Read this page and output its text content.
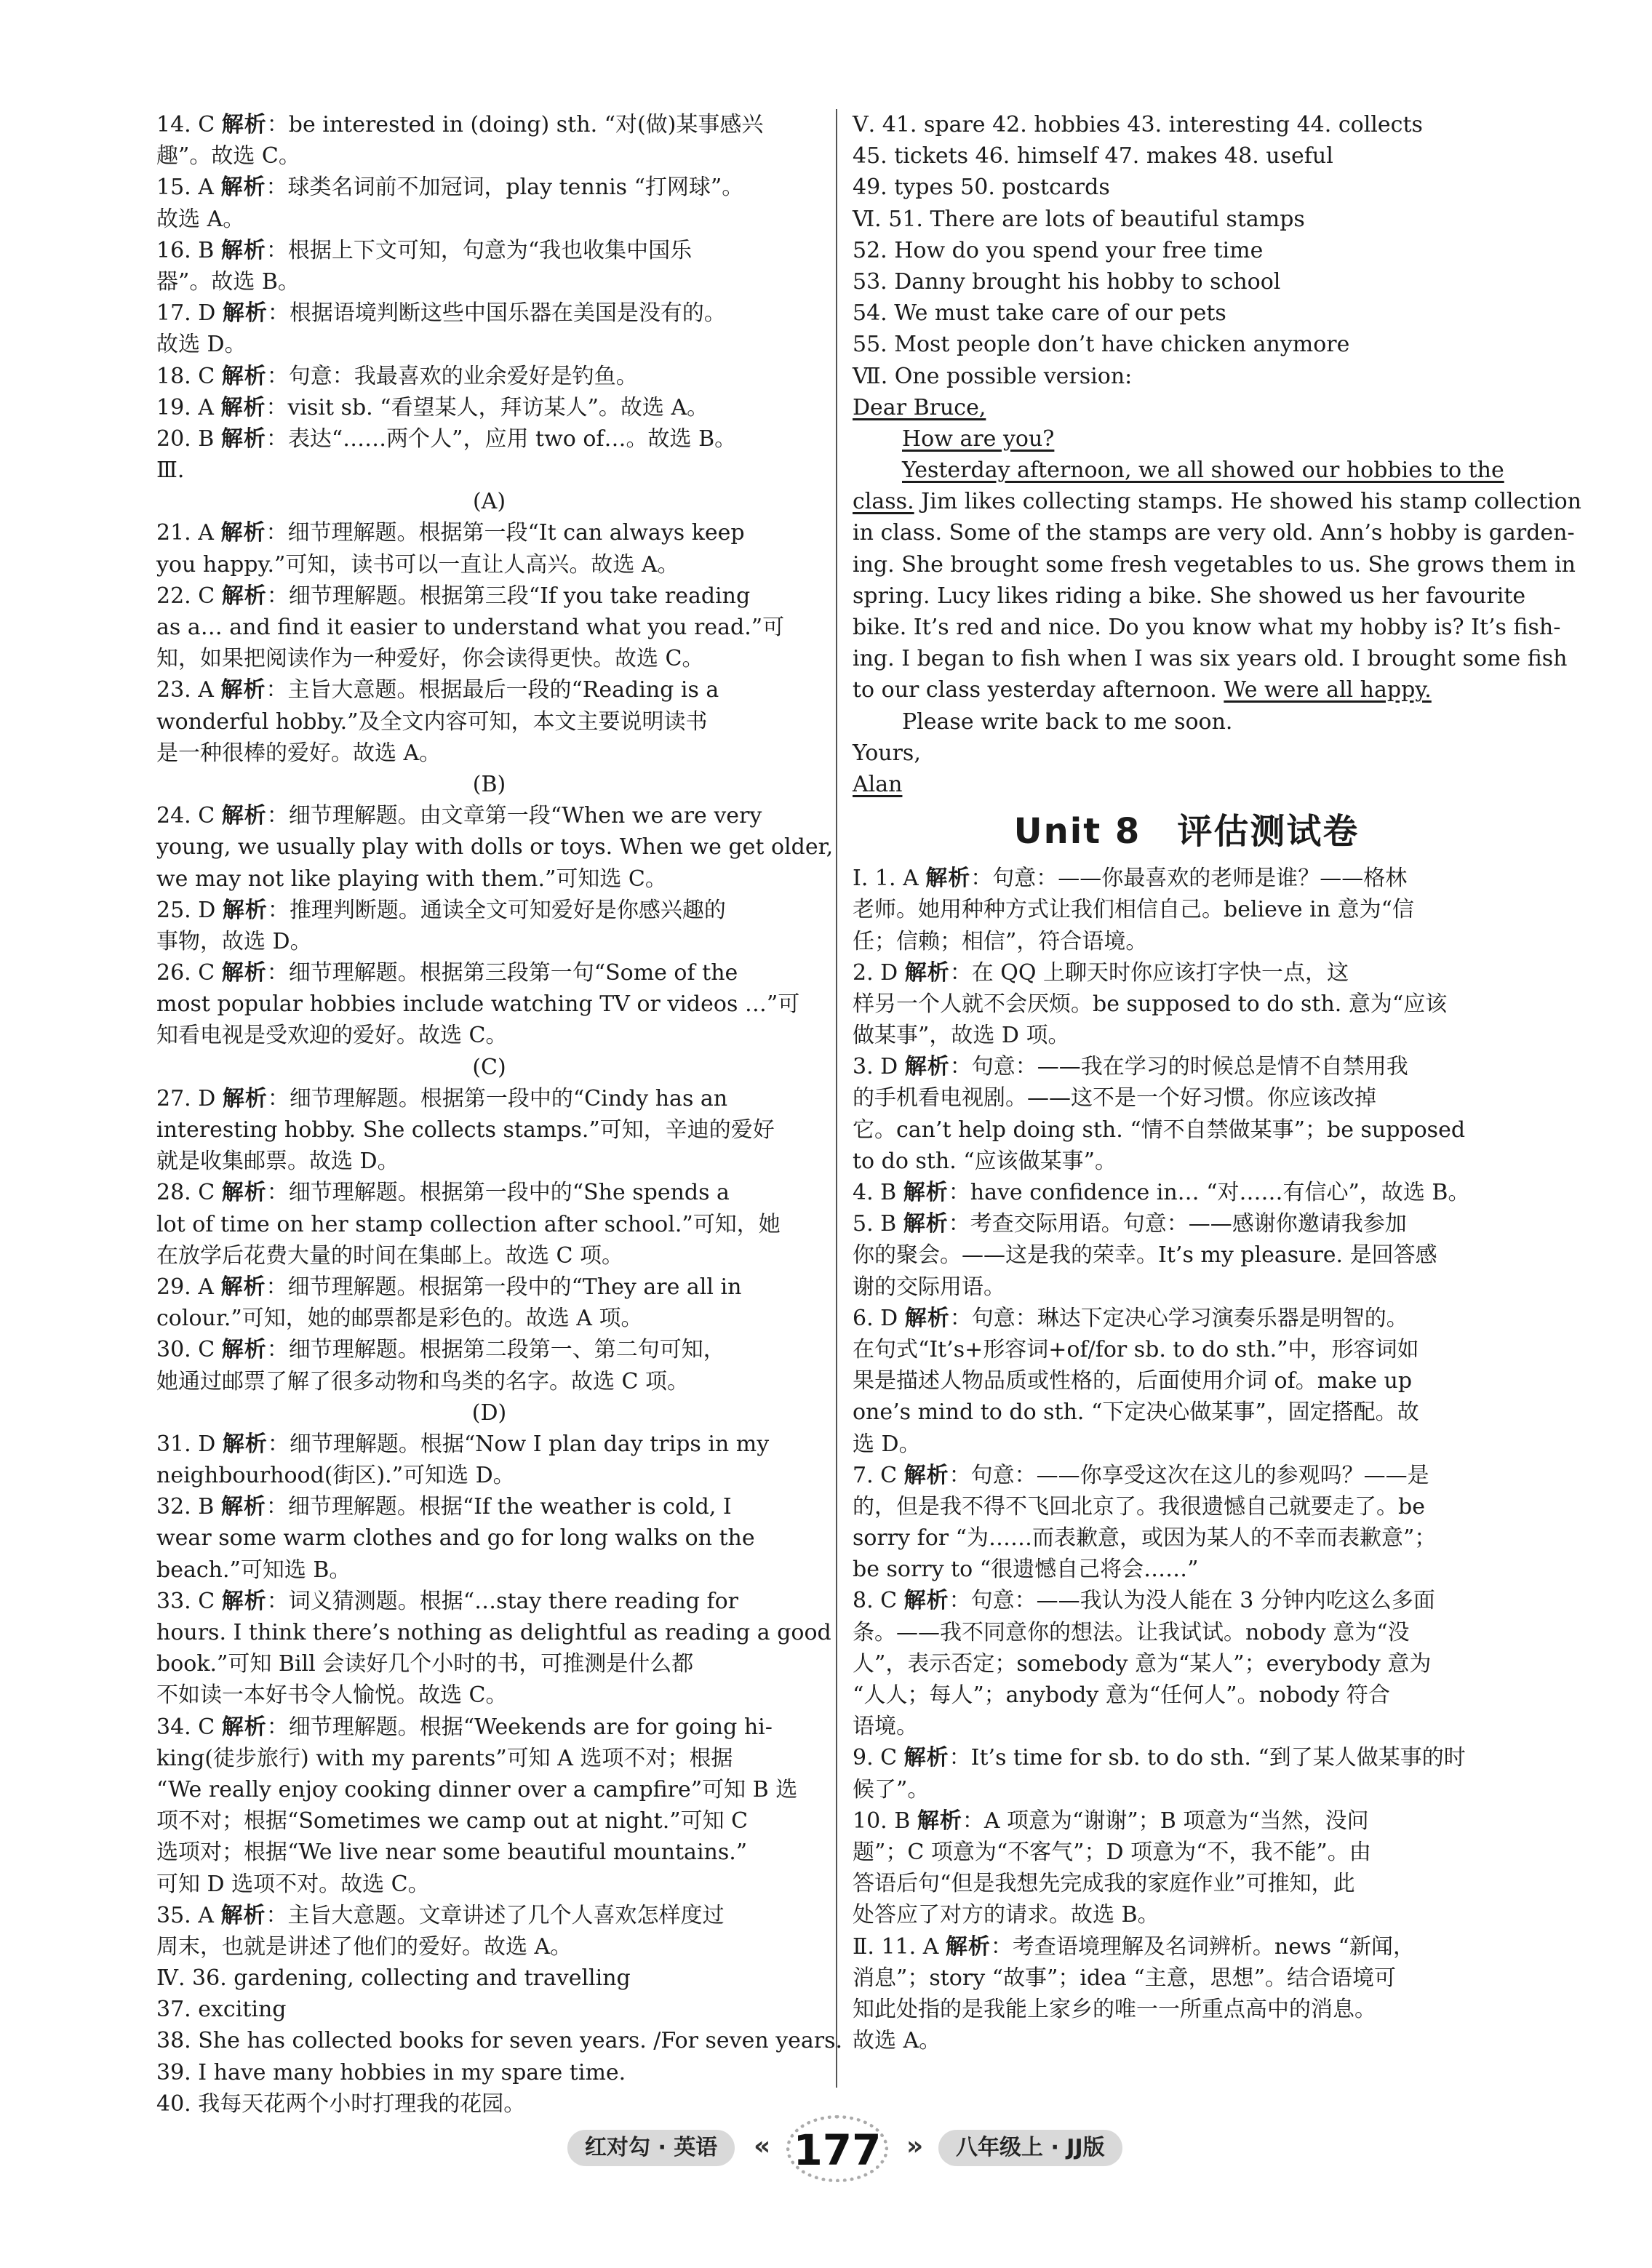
14. C 解析：be interested in (doing) sth. “对(做)某事感兴
趣”。故选 C。
15. A 解析：球类名词前不加冠词，play tennis “打网球”。
故选 A。
16. B 解析：根据上下文可知，句意为“我也收集中国乐
器”。故选 B。
17. D 解析：根据语境判断这些中国乐器在美国是没有的。
故选 D。
18. C 解析：句意：我最喜欢的业余爱好是钓鱼。
19. A 解析：visit sb. “看望某人，拜访某人”。故选 A。
20. B 解析：表达“……两个人”，应用 two of…。故选 B。
Ⅲ.
(A)
21. A 解析：细节理解题。根据第一段“It can always keep
you happy.”可知，读书可以一直让人高兴。故选 A。
22. C 解析：细节理解题。根据第三段“If you take reading
as a… and find it easier to understand what you read.”可
知，如果把阅读作为一种爱好，你会读得更快。故选 C。
23. A 解析：主旨大意题。根据最后一段的“Reading is a
wonderful hobby.”及全文内容可知，本文主要说明读书
是一种很棒的爱好。故选 A。
(B)
24. C 解析：细节理解题。由文章第一段“When we are very
young, we usually play with dolls or toys. When we get older,
we may not like playing with them.”可知选 C。
25. D 解析：推理判断题。通读全文可知爱好是你感兴趣的
事物，故选 D。
26. C 解析：细节理解题。根据第三段第一句“Some of the
most popular hobbies include watching TV or videos …”可
知看电视是受欢迎的爱好。故选 C。
(C)
27. D 解析：细节理解题。根据第一段中的“Cindy has an
interesting hobby. She collects stamps.”可知，辛迪的爱好
就是收集邮票。故选 D。
28. C 解析：细节理解题。根据第一段中的“She spends a
lot of time on her stamp collection after school.”可知，她
在放学后花费大量的时间在集邮上。故选 C 项。
29. A 解析：细节理解题。根据第一段中的“They are all in
colour.”可知，她的邮票都是彩色的。故选 A 项。
30. C 解析：细节理解题。根据第二段第一、第二句可知，
她通过邮票了解了很多动物和鸟类的名字。故选 C 项。
(D)
31. D 解析：细节理解题。根据“Now I plan day trips in my
neighbourhood(街区).”可知选 D。
32. B 解析：细节理解题。根据“If the weather is cold, I
wear some warm clothes and go for long walks on the
beach.”可知选 B。
33. C 解析：词义猜测题。根据“…stay there reading for
hours. I think there’s nothing as delightful as reading a good
book.”可知 Bill 会读好几个小时的书，可推测是什么都
不如读一本好书令人愉悦。故选 C。
34. C 解析：细节理解题。根据“Weekends are for going hi-
king(徒步旅行) with my parents”可知 A 选项不对；根据
“We really enjoy cooking dinner over a campfire”可知 B 选
项不对；根据“Sometimes we camp out at night.”可知 C
选项对；根据“We live near some beautiful mountains.”
可知 D 选项不对。故选 C。
35. A 解析：主旨大意题。文章讲述了几个人喜欢怎样度过
周末，也就是讲述了他们的爱好。故选 A。
Ⅳ. 36. gardening, collecting and travelling
37. exciting
38. She has collected books for seven years. /For seven years.
39. I have many hobbies in my spare time.
40. 我每天花两个小时打理我的花园。
Ⅴ. 41. spare 42. hobbies 43. interesting 44. collects
45. tickets 46. himself 47. makes 48. useful
49. types 50. postcards
Ⅵ. 51. There are lots of beautiful stamps
52. How do you spend your free time
53. Danny brought his hobby to school
54. We must take care of our pets
55. Most people don’t have chicken anymore
Ⅶ. One possible version:
Dear Bruce,
How are you?
Yesterday afternoon, we all showed our hobbies to the
class. Jim likes collecting stamps. He showed his stamp collection
in class. Some of the stamps are very old. Ann’s hobby is garden-
ing. She brought some fresh vegetables to us. She grows them in
spring. Lucy likes riding a bike. She showed us her favourite
bike. It’s red and nice. Do you know what my hobby is? It’s fish-
ing. I began to fish when I was six years old. I brought some fish
to our class yesterday afternoon. We were all happy.
Please write back to me soon.
Yours,
Alan
Unit 8　评估测试卷
Ⅰ. 1. A 解析：句意：——你最喜欢的老师是谁？——格林
老师。她用种种方式让我们相信自己。believe in 意为“信
任；信赖；相信”，符合语境。
2. D 解析：在 QQ 上聊天时你应该打字快一点，这
样另一个人就不会厌烦。be supposed to do sth. 意为“应该
做某事”，故选 D 项。
3. D 解析：句意：——我在学习的时候总是情不自禁用我
的手机看电视剧。——这不是一个好习惯。你应该改掉
它。can’t help doing sth. “情不自禁做某事”；be supposed
to do sth. “应该做某事”。
4. B 解析：have confidence in… “对……有信心”，故选 B。
5. B 解析：考查交际用语。句意：——感谢你邀请我参加
你的聚会。——这是我的荣幸。It’s my pleasure. 是回答感
谢的交际用语。
6. D 解析：句意：琳达下定决心学习演奏乐器是明智的。
在句式“It’s+形容词+of/for sb. to do sth.”中，形容词如
果是描述人物品质或性格的，后面使用介词 of。make up
one’s mind to do sth. “下定决心做某事”，固定搭配。故
选 D。
7. C 解析：句意：——你享受这次在这儿的参观吗？——是
的，但是我不得不飞回北京了。我很遗憾自己就要走了。be
sorry for “为……而表歉意，或因为某人的不幸而表歉意”；
be sorry to “很遗憾自己将会……”
8. C 解析：句意：——我认为没人能在 3 分钟内吃这么多面
条。——我不同意你的想法。让我试试。nobody 意为“没
人”，表示否定；somebody 意为“某人”；everybody 意为
“人人；每人”；anybody 意为“任何人”。nobody 符合
语境。
9. C 解析：It’s time for sb. to do sth. “到了某人做某事的时
候了”。
10. B 解析：A 项意为“谢谢”；B 项意为“当然，没问
题”；C 项意为“不客气”；D 项意为“不，我不能”。由
答语后句“但是我想先完成我的家庭作业”可推知，此
处答应了对方的请求。故选 B。
Ⅱ. 11. A 解析：考查语境理解及名词辨析。news “新闻，
消息”；story “故事”；idea “主意，思想”。结合语境可
知此处指的是我能上家乡的唯一一所重点高中的消息。
故选 A。
红对勾 · 英语	« 177 »	八年级上 · JJ版
